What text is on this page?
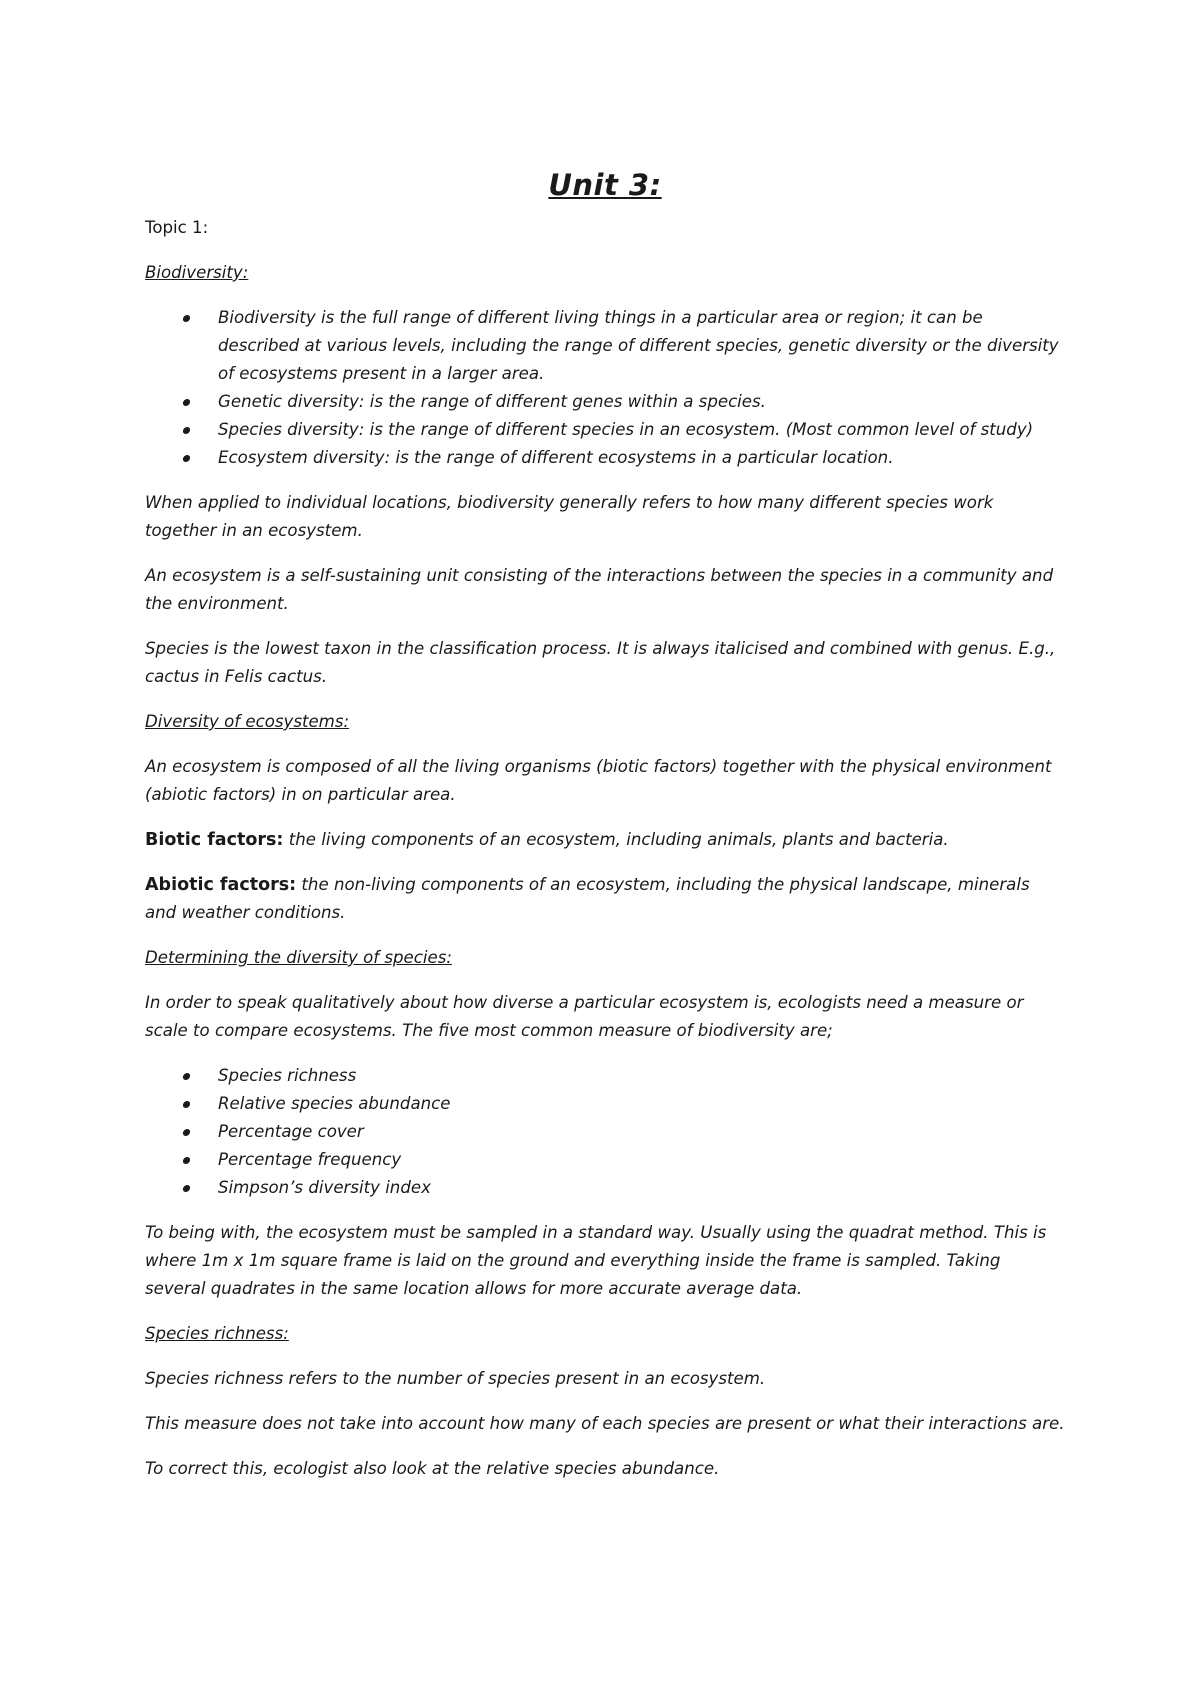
Unit 3:

Topic 1:

Biodiversity:

Biodiversity is the full range of different living things in a particular area or region; it can be described at various levels, including the range of different species, genetic diversity or the diversity of ecosystems present in a larger area.
Genetic diversity: is the range of different genes within a species.
Species diversity: is the range of different species in an ecosystem. (Most common level of study)
Ecosystem diversity: is the range of different ecosystems in a particular location.

When applied to individual locations, biodiversity generally refers to how many different species work together in an ecosystem.

An ecosystem is a self-sustaining unit consisting of the interactions between the species in a community and the environment.

Species is the lowest taxon in the classification process. It is always italicised and combined with genus. E.g., cactus in Felis cactus.

Diversity of ecosystems:

An ecosystem is composed of all the living organisms (biotic factors) together with the physical environment (abiotic factors) in on particular area.

Biotic factors: the living components of an ecosystem, including animals, plants and bacteria.

Abiotic factors: the non-living components of an ecosystem, including the physical landscape, minerals and weather conditions.

Determining the diversity of species:

In order to speak qualitatively about how diverse a particular ecosystem is, ecologists need a measure or scale to compare ecosystems. The five most common measure of biodiversity are;

Species richness
Relative species abundance
Percentage cover
Percentage frequency
Simpson’s diversity index

To being with, the ecosystem must be sampled in a standard way. Usually using the quadrat method. This is where 1m x 1m square frame is laid on the ground and everything inside the frame is sampled. Taking several quadrates in the same location allows for more accurate average data.

Species richness:

Species richness refers to the number of species present in an ecosystem.

This measure does not take into account how many of each species are present or what their interactions are.

To correct this, ecologist also look at the relative species abundance.
